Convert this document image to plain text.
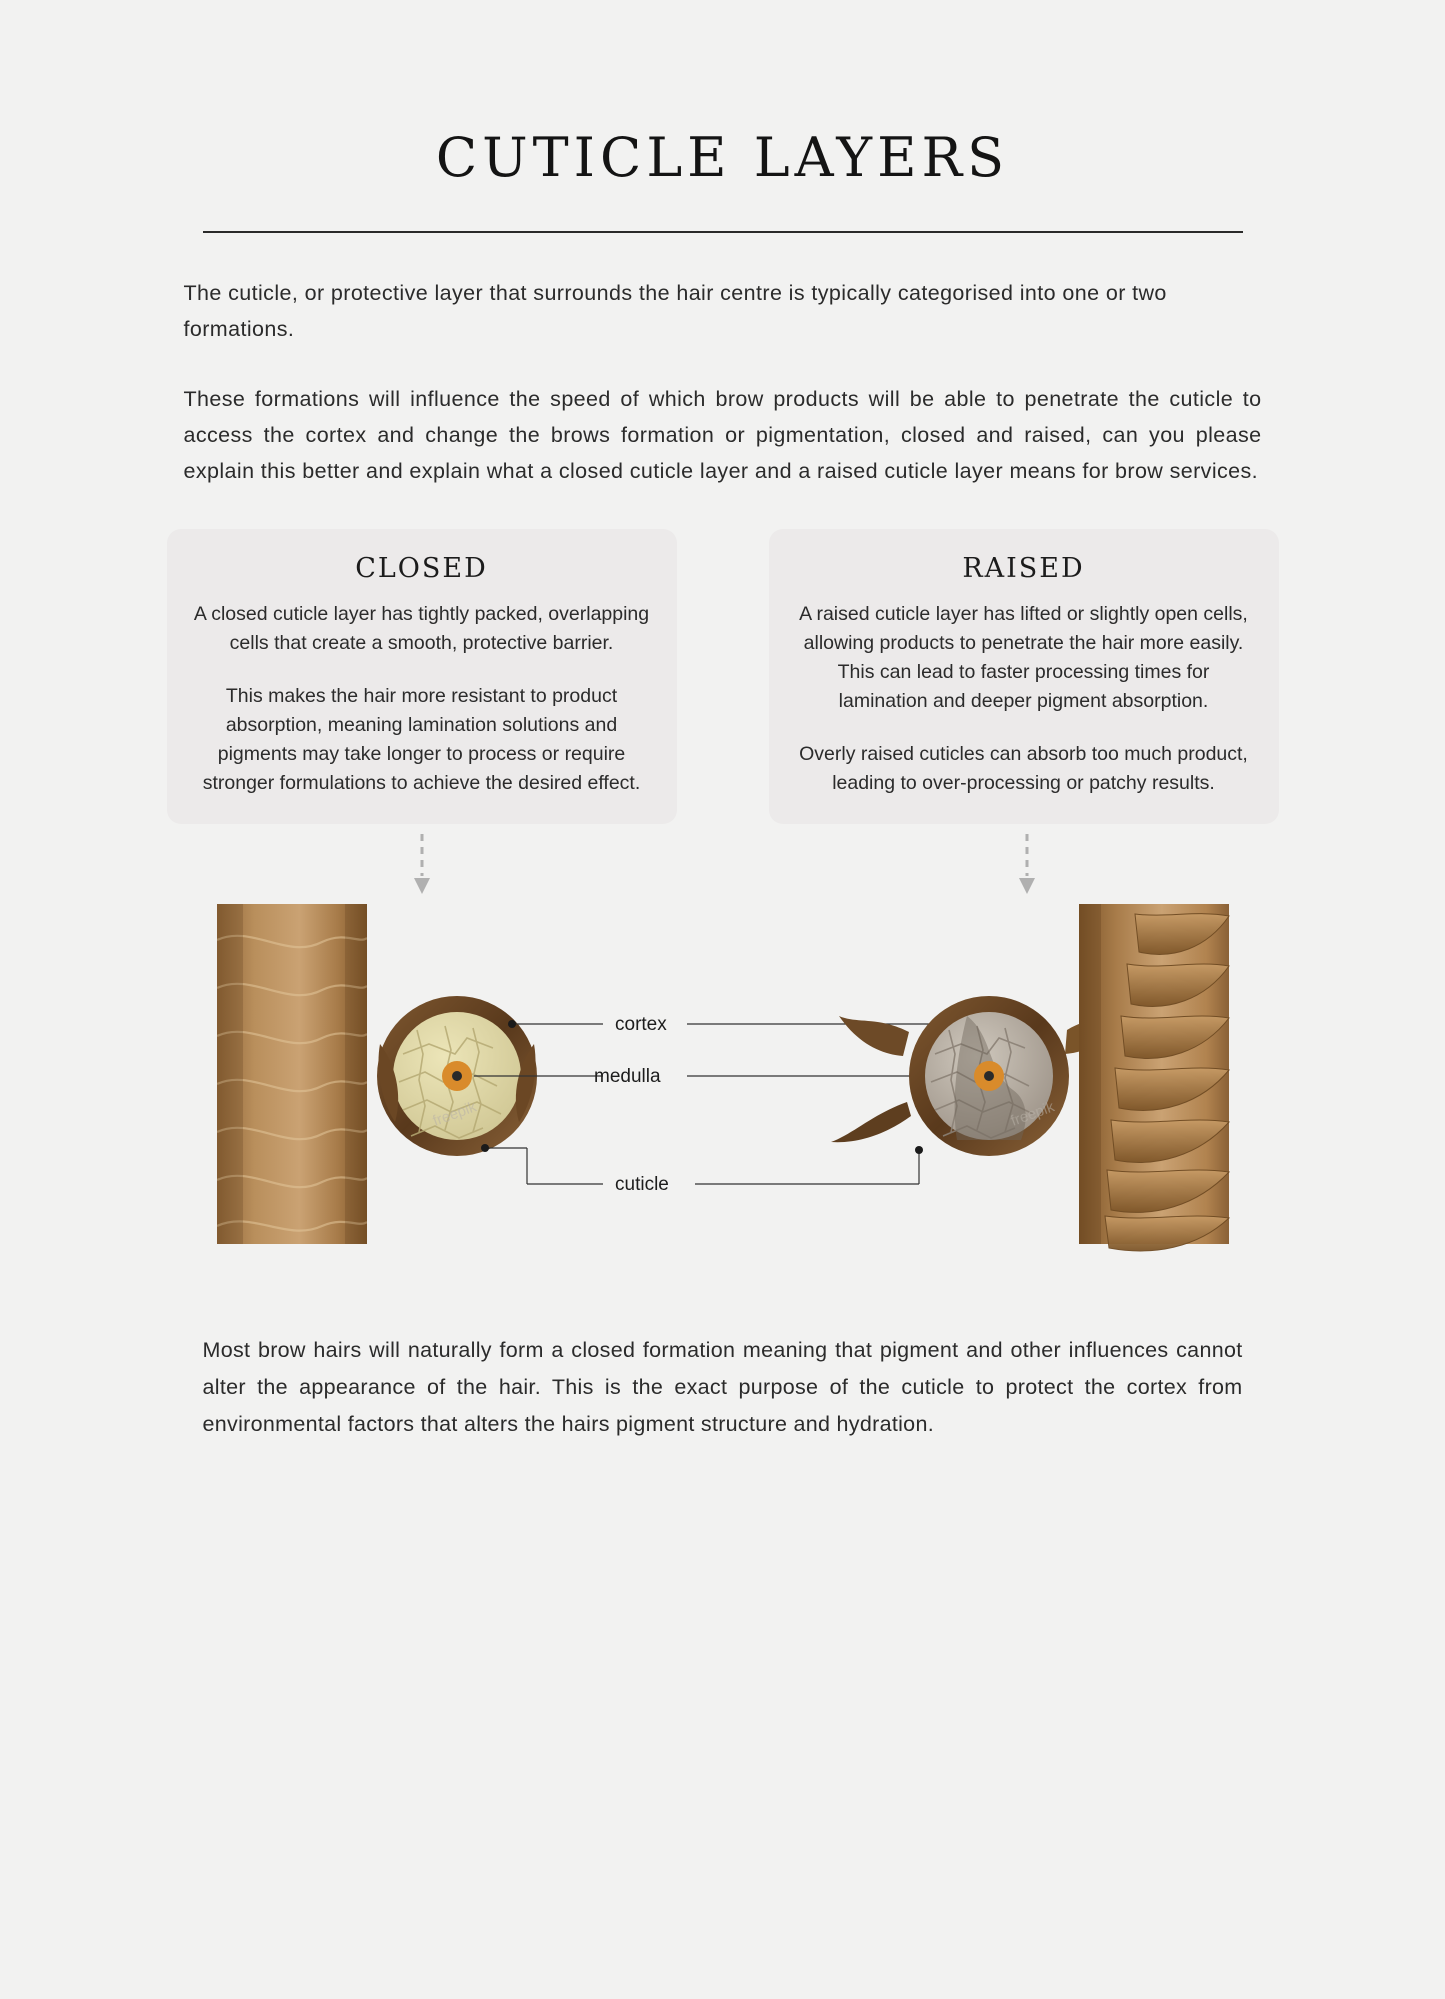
CUTICLE LAYERS

The cuticle, or protective layer that surrounds the hair centre is typically categorised into one or two formations.

These formations will influence the speed of which brow products will be able to penetrate the cuticle to access the cortex and change the brows formation or pigmentation, closed and raised, can you please explain this better and explain what a closed cuticle layer and a raised cuticle layer means for brow services.

CLOSED

A closed cuticle layer has tightly packed, overlapping cells that create a smooth, protective barrier.

This makes the hair more resistant to product absorption, meaning lamination solutions and pigments may take longer to process or require stronger formulations to achieve the desired effect.

RAISED

A raised cuticle layer has lifted or slightly open cells, allowing products to penetrate the hair more easily. This can lead to faster processing times for lamination and deeper pigment absorption.

Overly raised cuticles can absorb too much product, leading to over-processing or patchy results.

freepik
cortex
medulla
cuticle
freepik

Most brow hairs will naturally form a closed formation meaning that pigment and other influences cannot alter the appearance of the hair. This is the exact purpose of the cuticle to protect the cortex from environmental factors that alters the hairs pigment structure and hydration.
